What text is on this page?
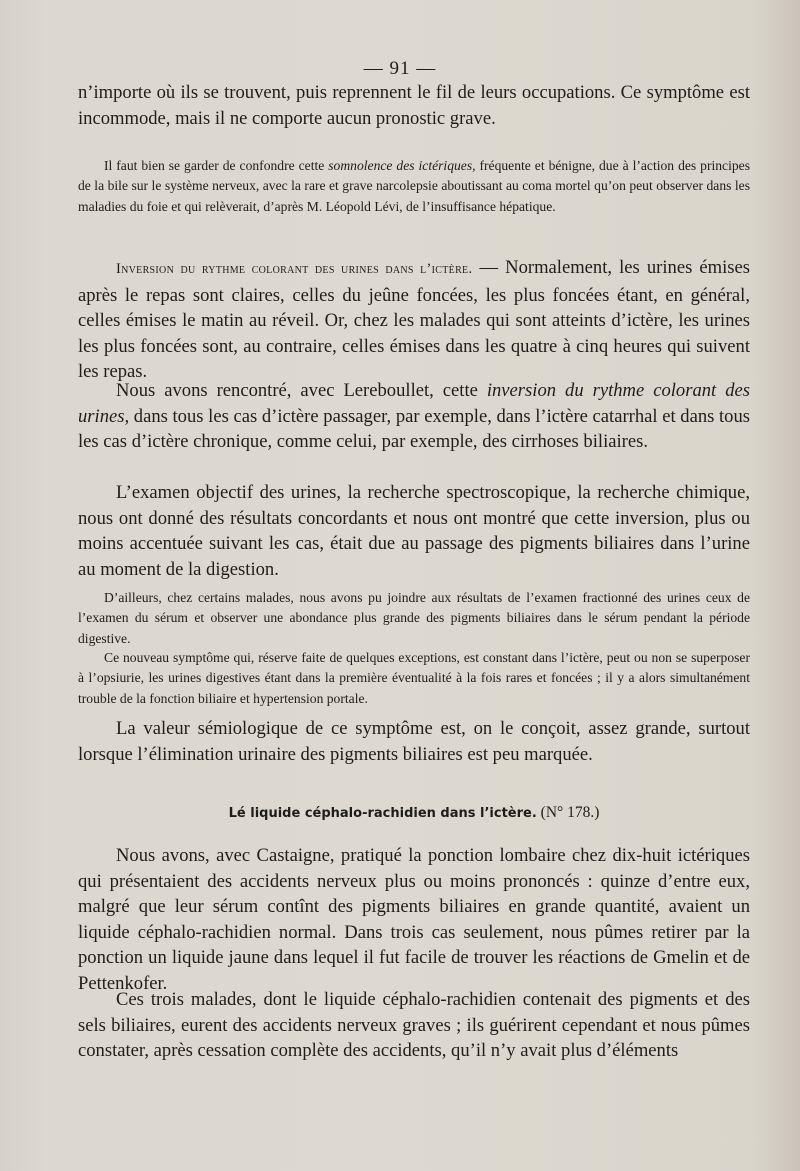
— 91 —

n’importe où ils se trouvent, puis reprennent le fil de leurs occupations. Ce symptôme est incommode, mais il ne comporte aucun pronostic grave.

Il faut bien se garder de confondre cette somnolence des ictériques, fréquente et bénigne, due à l’action des principes de la bile sur le système nerveux, avec la rare et grave narcolepsie aboutissant au coma mortel qu’on peut observer dans les maladies du foie et qui relèverait, d’après M. Léopold Lévi, de l’insuffisance hépatique.

Inversion du rythme colorant des urines dans l’ictère. — Normalement, les urines émises après le repas sont claires, celles du jeûne foncées, les plus foncées étant, en général, celles émises le matin au réveil. Or, chez les malades qui sont atteints d’ictère, les urines les plus foncées sont, au contraire, celles émises dans les quatre à cinq heures qui suivent les repas.

Nous avons rencontré, avec Lereboullet, cette inversion du rythme colorant des urines, dans tous les cas d’ictère passager, par exemple, dans l’ictère catarrhal et dans tous les cas d’ictère chronique, comme celui, par exemple, des cirrhoses biliaires.

L’examen objectif des urines, la recherche spectroscopique, la recherche chimique, nous ont donné des résultats concordants et nous ont montré que cette inversion, plus ou moins accentuée suivant les cas, était due au passage des pigments biliaires dans l’urine au moment de la digestion.

D’ailleurs, chez certains malades, nous avons pu joindre aux résultats de l’examen fractionné des urines ceux de l’examen du sérum et observer une abondance plus grande des pigments biliaires dans le sérum pendant la période digestive.

Ce nouveau symptôme qui, réserve faite de quelques exceptions, est constant dans l’ictère, peut ou non se superposer à l’opsiurie, les urines digestives étant dans la première éventualité à la fois rares et foncées ; il y a alors simultanément trouble de la fonction biliaire et hypertension portale.

La valeur sémiologique de ce symptôme est, on le conçoit, assez grande, surtout lorsque l’élimination urinaire des pigments biliaires est peu marquée.

Lé liquide céphalo-rachidien dans l’ictère. (N° 178.)

Nous avons, avec Castaigne, pratiqué la ponction lombaire chez dix-huit ictériques qui présentaient des accidents nerveux plus ou moins prononcés : quinze d’entre eux, malgré que leur sérum contînt des pigments biliaires en grande quantité, avaient un liquide céphalo-rachidien normal. Dans trois cas seulement, nous pûmes retirer par la ponction un liquide jaune dans lequel il fut facile de trouver les réactions de Gmelin et de Pettenkofer.

Ces trois malades, dont le liquide céphalo-rachidien contenait des pigments et des sels biliaires, eurent des accidents nerveux graves ; ils guérirent cependant et nous pûmes constater, après cessation complète des accidents, qu’il n’y avait plus d’éléments
